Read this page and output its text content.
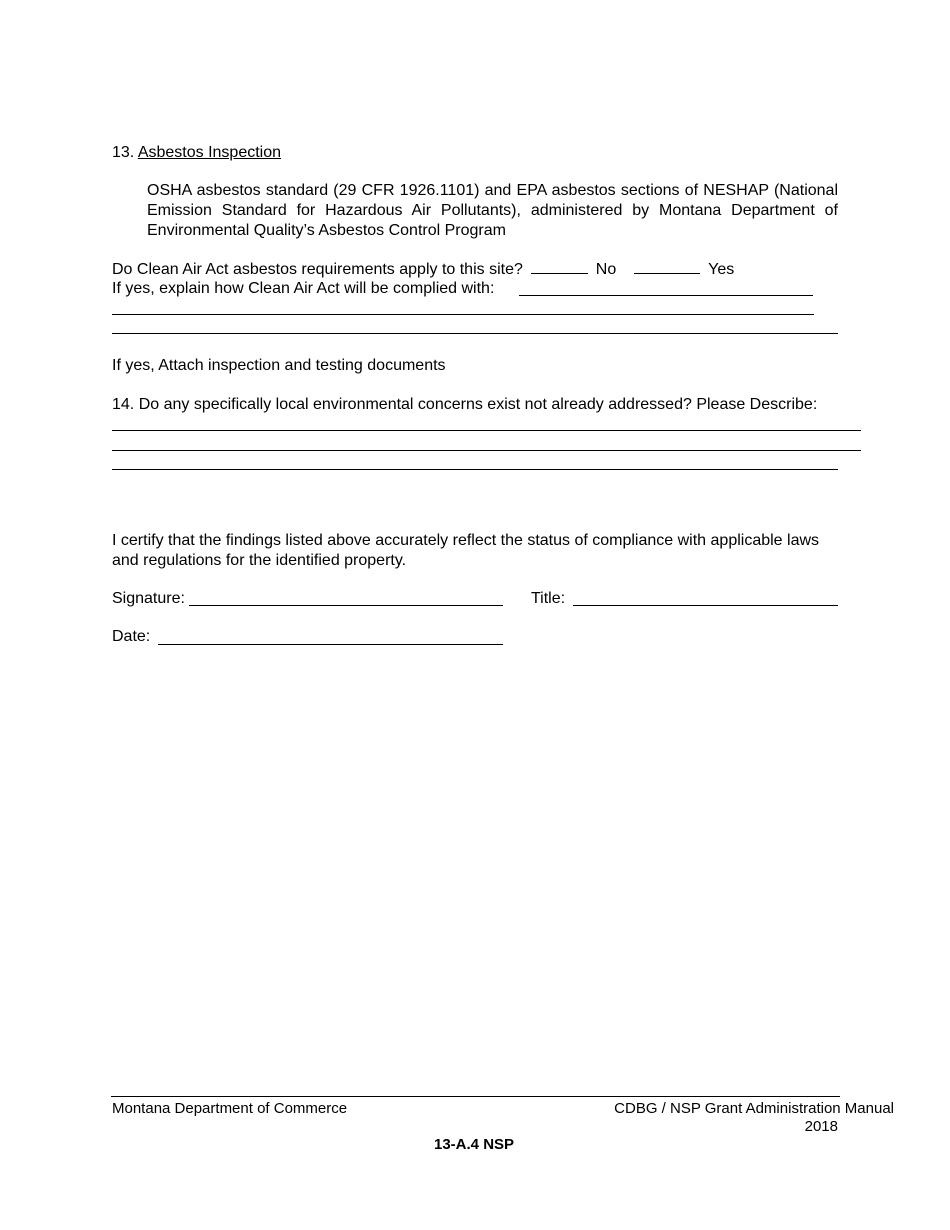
13. Asbestos Inspection
OSHA asbestos standard (29 CFR 1926.1101) and EPA asbestos sections of NESHAP (National Emission Standard for Hazardous Air Pollutants), administered by Montana Department of Environmental Quality’s Asbestos Control Program
Do Clean Air Act asbestos requirements apply to this site?	No	Yes
If yes, explain how Clean Air Act will be complied with:
If yes, Attach inspection and testing documents
14. Do any specifically local environmental concerns exist not already addressed? Please Describe:
I certify that the findings listed above accurately reflect the status of compliance with applicable laws and regulations for the identified property.
Signature:	Title:
Date:
Montana Department of Commerce	CDBG / NSP Grant Administration Manual
2018
13-A.4 NSP
